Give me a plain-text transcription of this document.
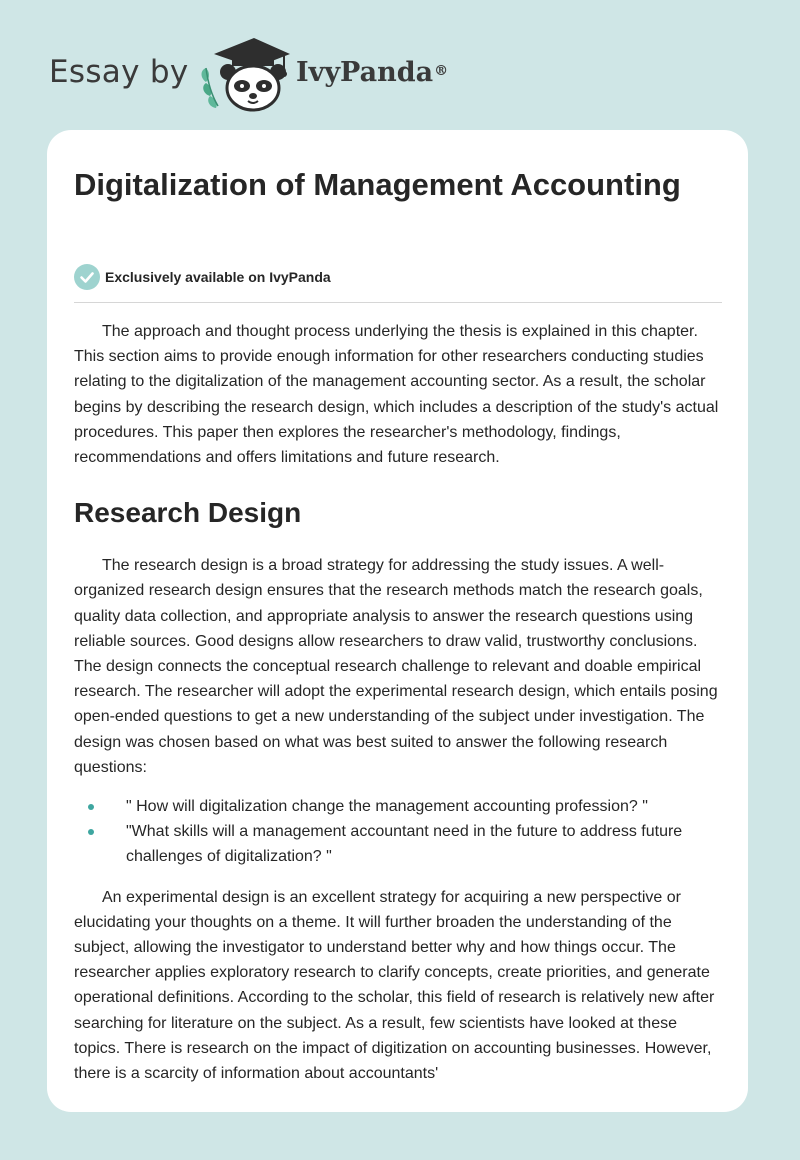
Essay by	IvyPanda®
Digitalization of Management Accounting
Exclusively available on IvyPanda

The approach and thought process underlying the thesis is explained in this chapter. This section aims to provide enough information for other researchers conducting studies relating to the digitalization of the management accounting sector. As a result, the scholar begins by describing the research design, which includes a description of the study's actual procedures. This paper then explores the researcher's methodology, findings, recommendations and offers limitations and future research.

Research Design

The research design is a broad strategy for addressing the study issues. A well-organized research design ensures that the research methods match the research goals, quality data collection, and appropriate analysis to answer the research questions using reliable sources. Good designs allow researchers to draw valid, trustworthy conclusions. The design connects the conceptual research challenge to relevant and doable empirical research. The researcher will adopt the experimental research design, which entails posing open-ended questions to get a new understanding of the subject under investigation. The design was chosen based on what was best suited to answer the following research questions:

" How will digitalization change the management accounting profession? "
"What skills will a management accountant need in the future to address future challenges of digitalization? "

An experimental design is an excellent strategy for acquiring a new perspective or elucidating your thoughts on a theme. It will further broaden the understanding of the subject, allowing the investigator to understand better why and how things occur. The researcher applies exploratory research to clarify concepts, create priorities, and generate operational definitions. According to the scholar, this field of research is relatively new after searching for literature on the subject. As a result, few scientists have looked at these topics. There is research on the impact of digitization on accounting businesses. However, there is a scarcity of information about accountants'
